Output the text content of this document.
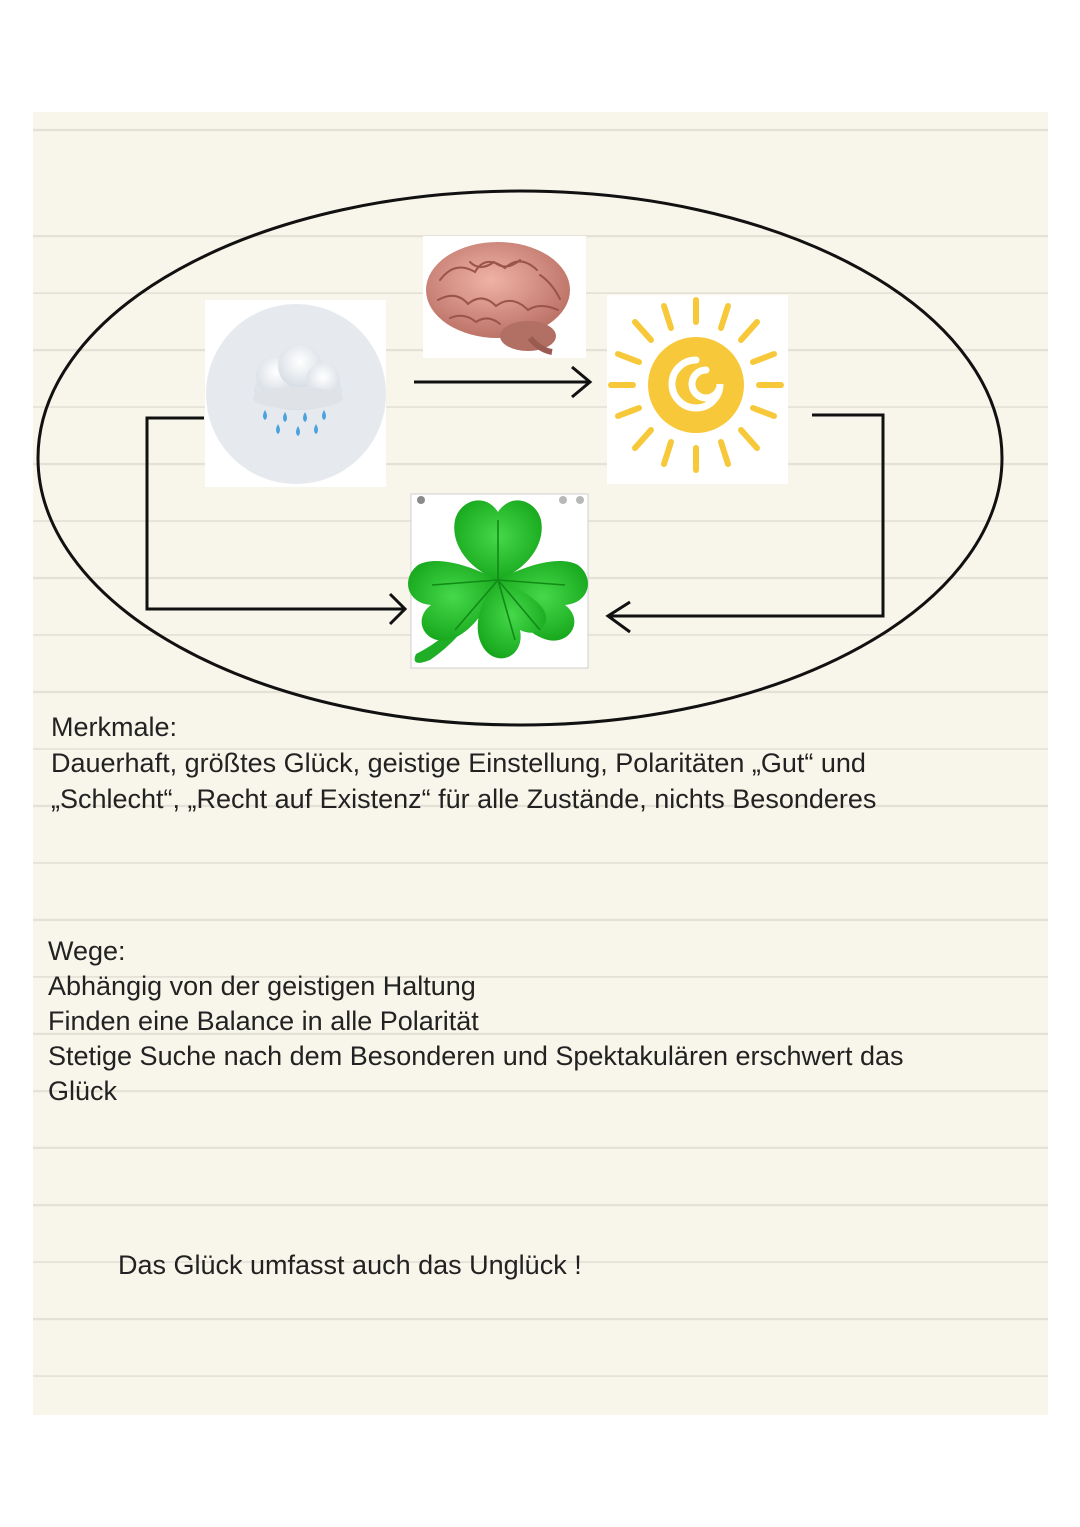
Merkmale:
Dauerhaft, größtes Glück, geistige Einstellung, Polaritäten „Gut“ und
„Schlecht“, „Recht auf Existenz“ für alle Zustände, nichts Besonderes
Wege:
Abhängig von der geistigen Haltung
Finden eine Balance in alle Polarität
Stetige Suche nach dem Besonderen und Spektakulären erschwert das
Glück
Das Glück umfasst auch das Unglück !
